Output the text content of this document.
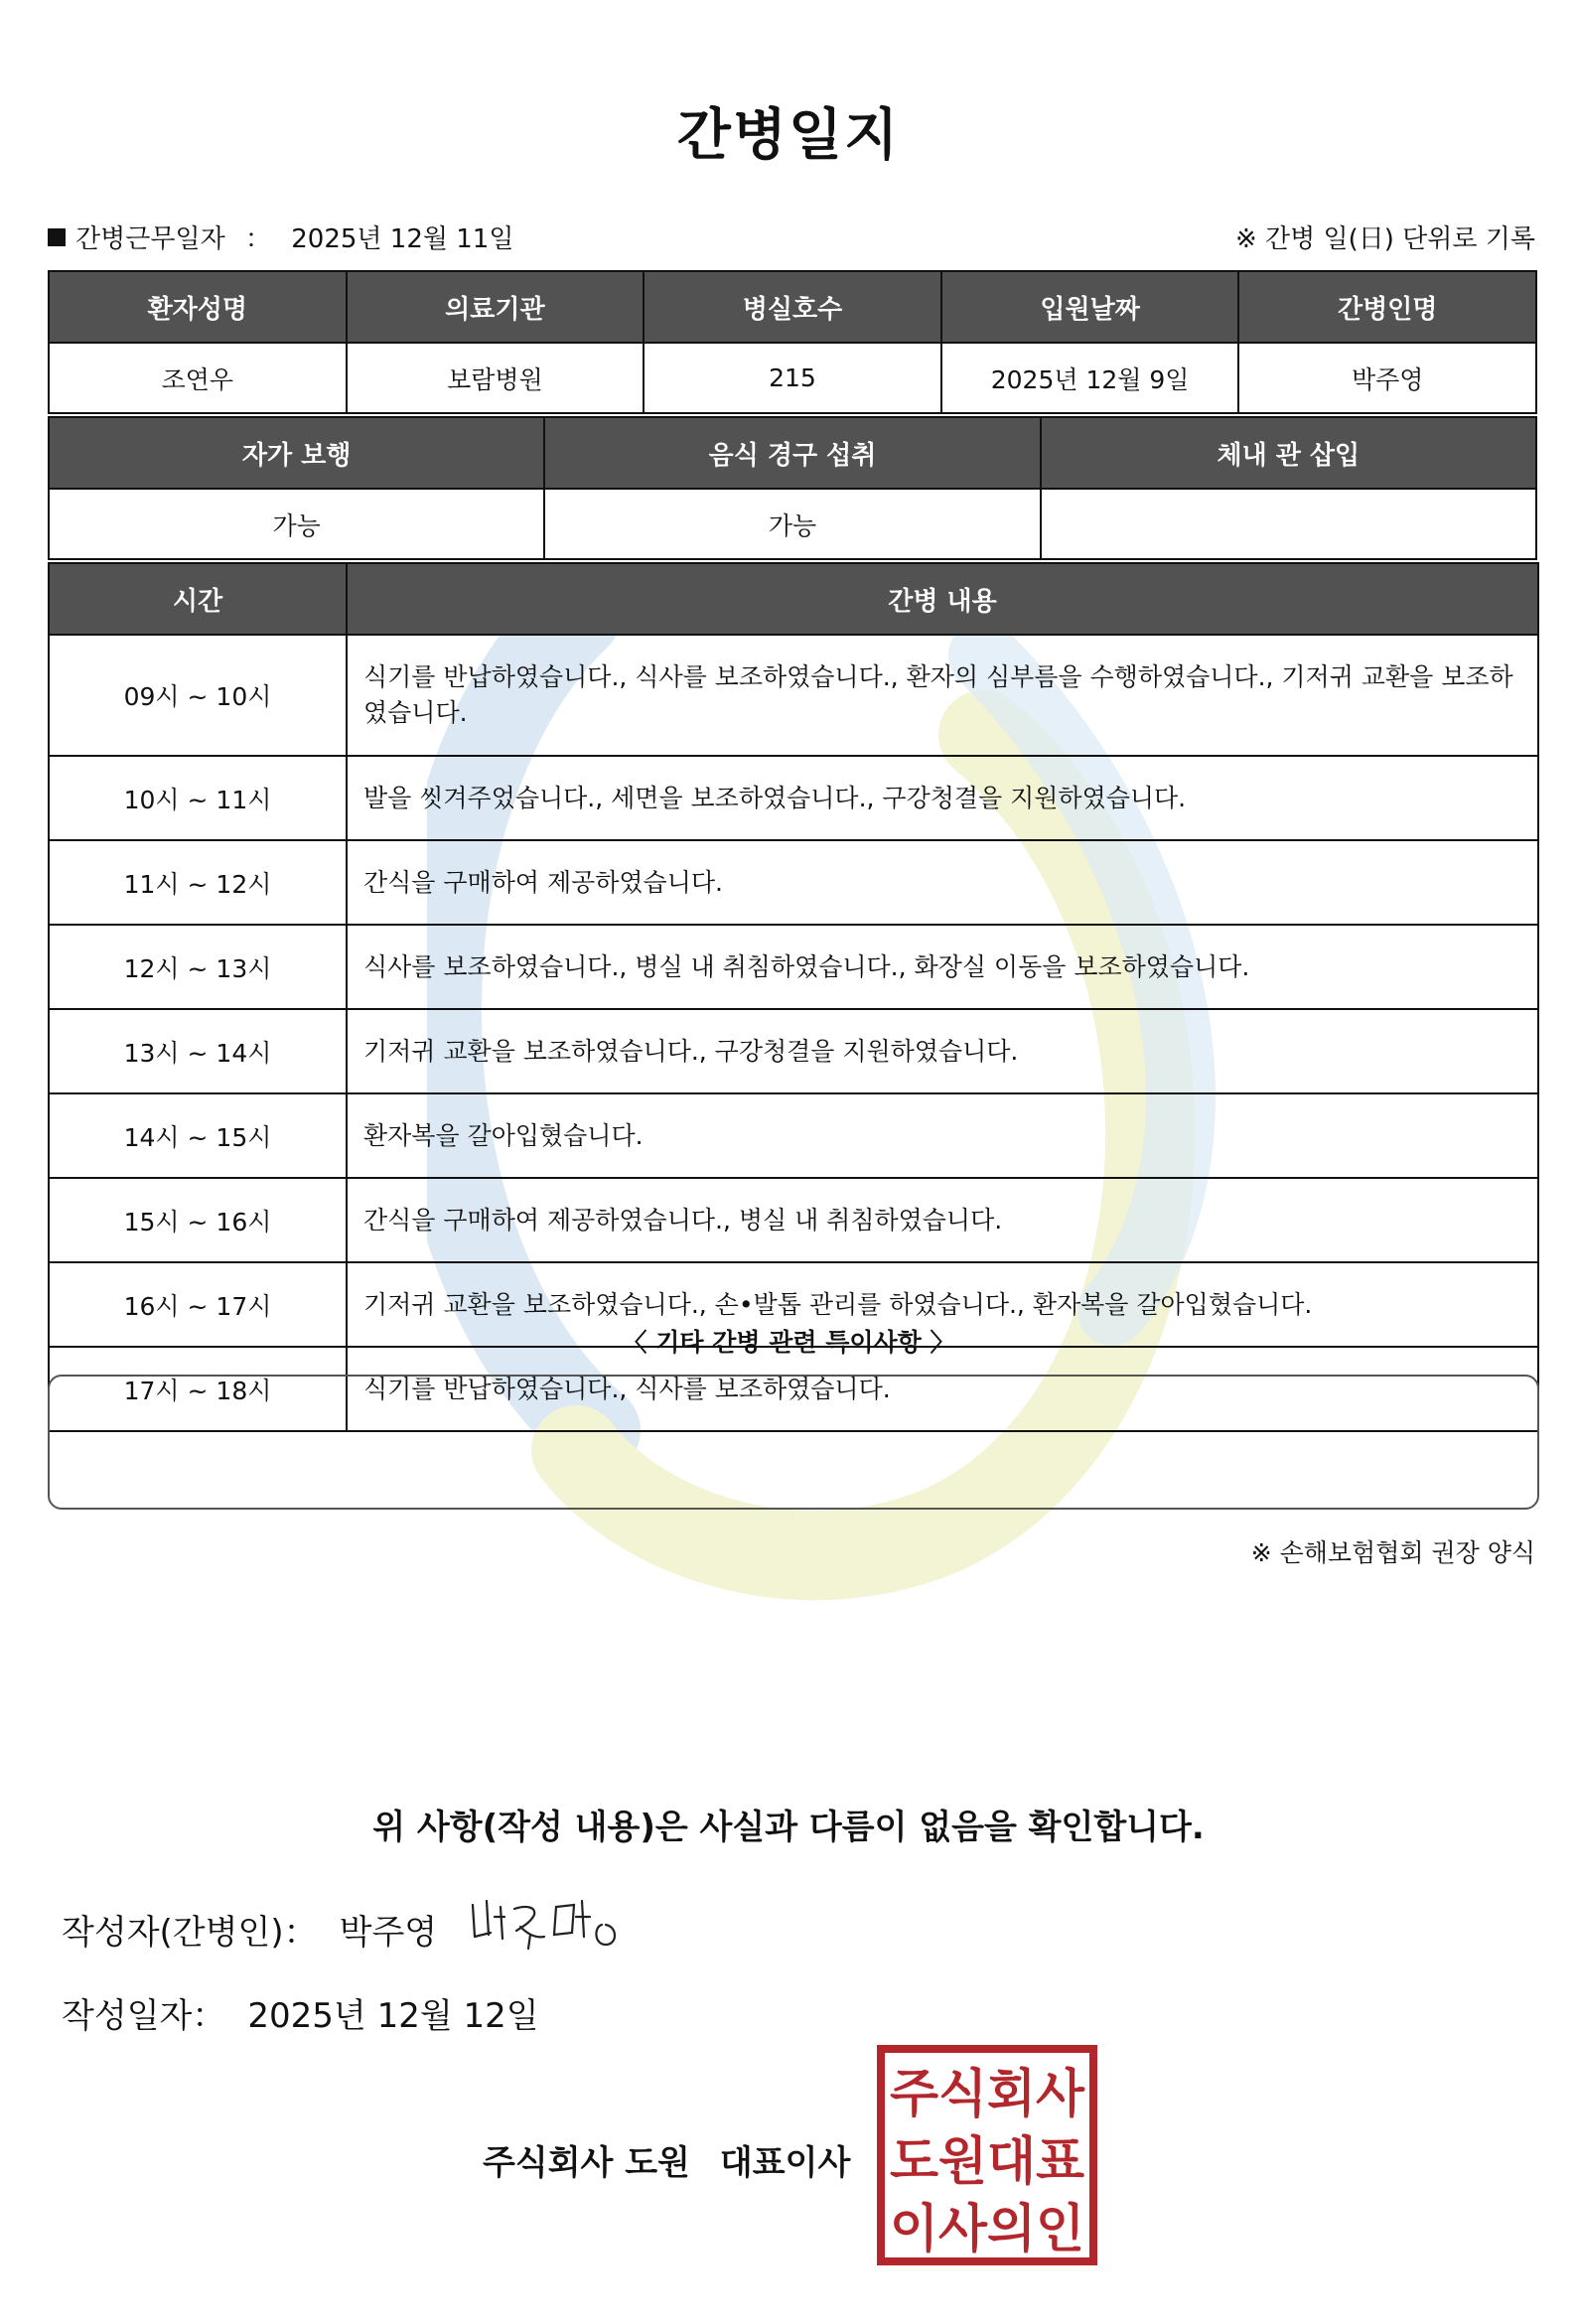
간병일지
간병근무일자 ： 2025년 12월 11일	※ 간병 일(日) 단위로 기록
환자성명	의료기관	병실호수	입원날짜	간병인명
조연우	보람병원	215	2025년 12월 9일	박주영
자가 보행	음식 경구 섭취	체내 관 삽입
가능	가능	
시간	간병 내용
09시 ~ 10시	식기를 반납하였습니다., 식사를 보조하였습니다., 환자의 심부름을 수행하였습니다., 기저귀 교환을 보조하였습니다.
10시 ~ 11시	발을 씻겨주었습니다., 세면을 보조하였습니다., 구강청결을 지원하였습니다.
11시 ~ 12시	간식을 구매하여 제공하였습니다.
12시 ~ 13시	식사를 보조하였습니다., 병실 내 취침하였습니다., 화장실 이동을 보조하였습니다.
13시 ~ 14시	기저귀 교환을 보조하였습니다., 구강청결을 지원하였습니다.
14시 ~ 15시	환자복을 갈아입혔습니다.
15시 ~ 16시	간식을 구매하여 제공하였습니다., 병실 내 취침하였습니다.
16시 ~ 17시	기저귀 교환을 보조하였습니다., 손•발톱 관리를 하였습니다., 환자복을 갈아입혔습니다.
17시 ~ 18시	식기를 반납하였습니다., 식사를 보조하였습니다.
〈 기타 간병 관련 특이사항 〉
※ 손해보험협회 권장 양식
위 사항(작성 내용)은 사실과 다름이 없음을 확인합니다.
작성자(간병인)： 박주영
작성일자： 2025년 12월 12일
주식회사 도원 대표이사
주식회사
도원대표
이사의인
